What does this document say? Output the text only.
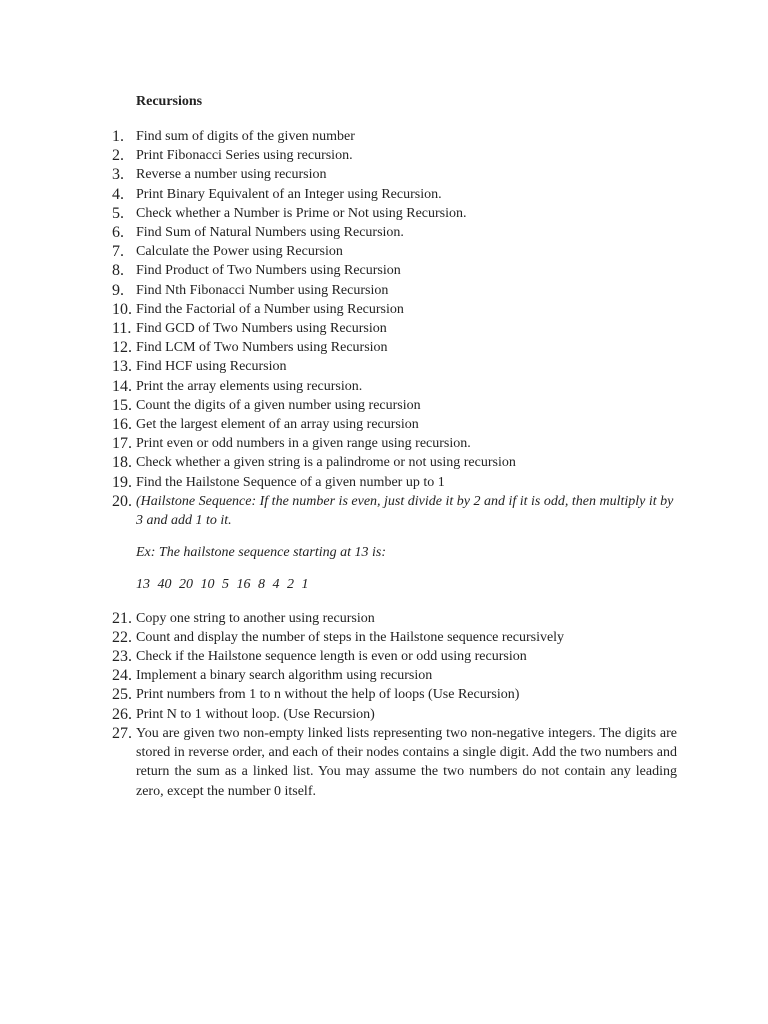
Recursions
1. Find sum of digits of the given number
2. Print Fibonacci Series using recursion.
3. Reverse a number using recursion
4. Print Binary Equivalent of an Integer using Recursion.
5. Check whether a Number is Prime or Not using Recursion.
6. Find Sum of Natural Numbers using Recursion.
7. Calculate the Power using Recursion
8. Find Product of Two Numbers using Recursion
9. Find Nth Fibonacci Number using Recursion
10. Find the Factorial of a Number using Recursion
11. Find GCD of Two Numbers using Recursion
12. Find LCM of Two Numbers using Recursion
13. Find HCF using Recursion
14. Print the array elements using recursion.
15. Count the digits of a given number using recursion
16. Get the largest element of an array using recursion
17. Print even or odd numbers in a given range using recursion.
18. Check whether a given string is a palindrome or not using recursion
19. Find the Hailstone Sequence of a given number up to 1
20. (Hailstone Sequence: If the number is even, just divide it by 2 and if it is odd, then multiply it by 3 and add 1 to it.
Ex: The hailstone sequence starting at 13 is:
13 40 20 10 5 16 8 4 2 1
21. Copy one string to another using recursion
22. Count and display the number of steps in the Hailstone sequence recursively
23. Check if the Hailstone sequence length is even or odd using recursion
24. Implement a binary search algorithm using recursion
25. Print numbers from 1 to n without the help of loops (Use Recursion)
26. Print N to 1 without loop. (Use Recursion)
27. You are given two non-empty linked lists representing two non-negative integers. The digits are stored in reverse order, and each of their nodes contains a single digit. Add the two numbers and return the sum as a linked list. You may assume the two numbers do not contain any leading zero, except the number 0 itself.
